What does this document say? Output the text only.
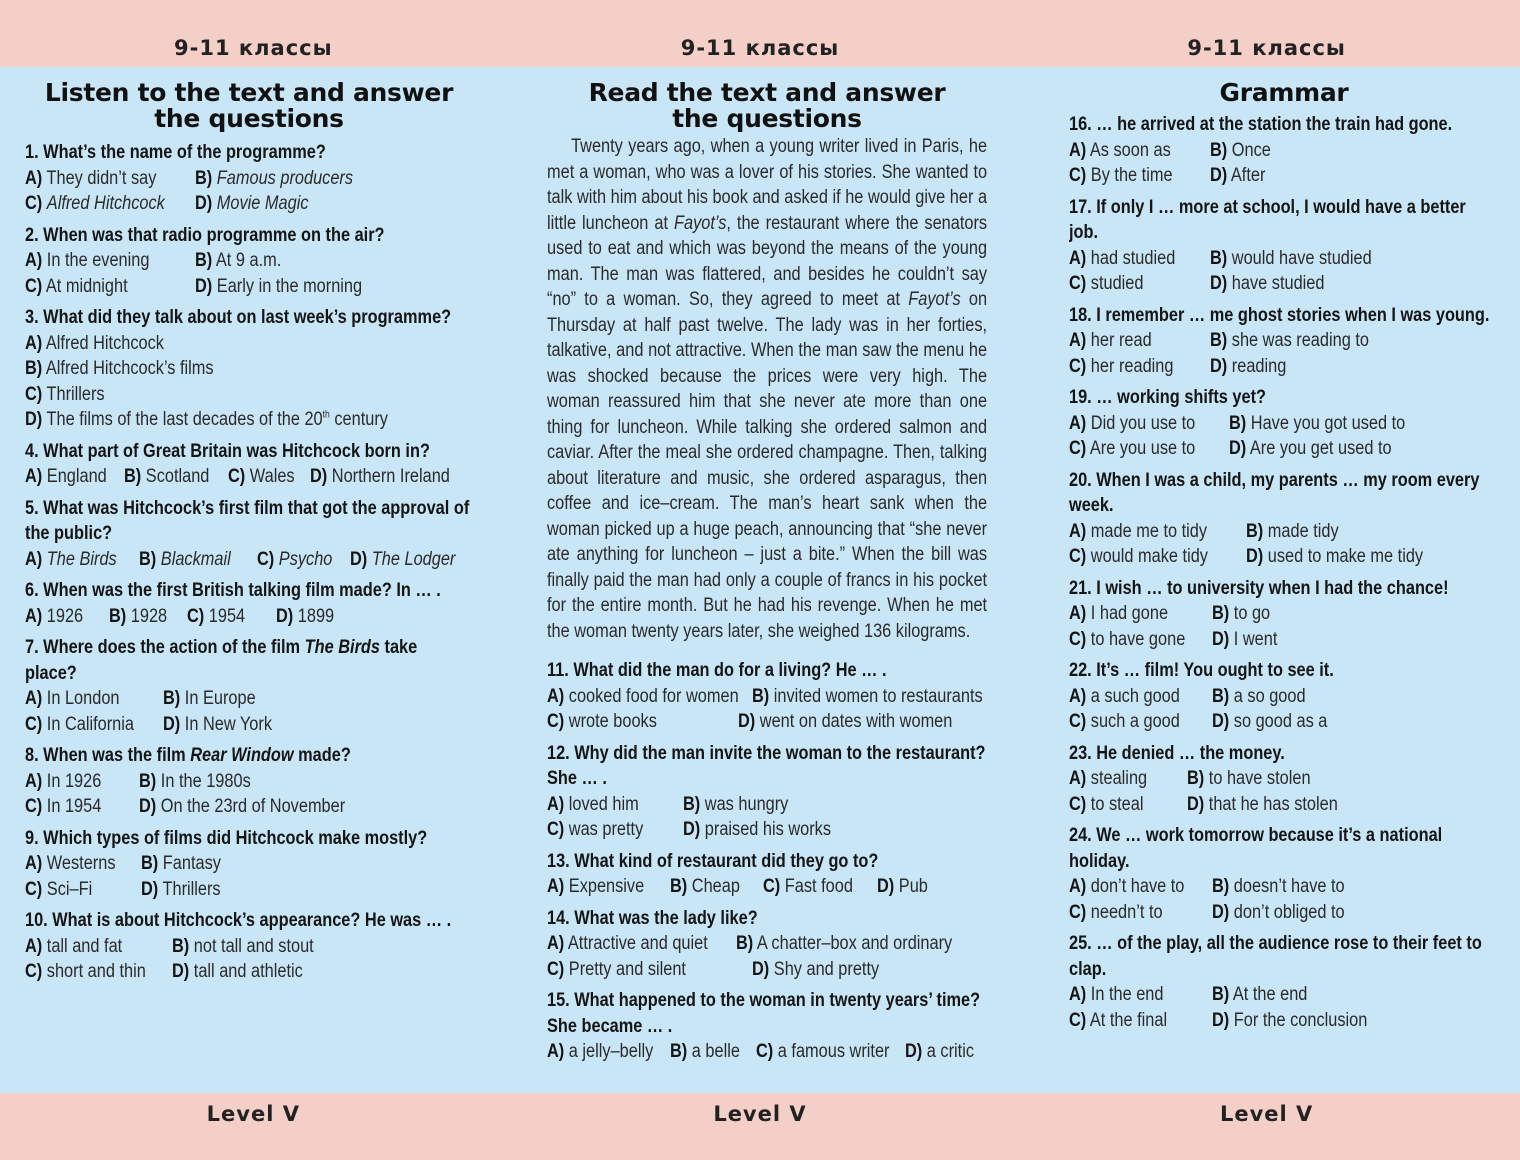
9-11 классы	9-11 классы	9-11 классы
Listen to the text and answer
the questions
1. What’s the name of the programme?
A) They didn’t say	B) Famous producers
C) Alfred Hitchcock	D) Movie Magic
2. When was that radio programme on the air?
A) In the evening	B) At 9 a.m.
C) At midnight	D) Early in the morning
3. What did they talk about on last week’s programme?
A) Alfred Hitchcock
B) Alfred Hitchcock’s films
C) Thrillers
D) The films of the last decades of the 20th century
4. What part of Great Britain was Hitchcock born in?
A) England B) Scotland C) Wales D) Northern Ireland
5. What was Hitchcock’s first film that got the approval of the public?
A) The Birds	B) Blackmail	C) Psycho D) The Lodger
6. When was the first British talking film made? In … .
A) 1926	B) 1928	C) 1954	D) 1899
7. Where does the action of the film The Birds take place?
A) In London	B) In Europe
C) In California	D) In New York
8. When was the film Rear Window made?
A) In 1926	B) In the 1980s
C) In 1954	D) On the 23rd of November
9. Which types of films did Hitchcock make mostly?
A) Westerns	B) Fantasy
C) Sci–Fi	D) Thrillers
10. What is about Hitchcock’s appearance? He was … .
A) tall and fat	B) not tall and stout
C) short and thin D) tall and athletic
Read the text and answer
the questions
Twenty years ago, when a young writer lived in Paris, he met a woman, who was a lover of his stories. She wanted to talk with him about his book and asked if he would give her a little luncheon at Fayot’s, the restaurant where the senators used to eat and which was beyond the means of the young man. The man was flattered, and besides he couldn’t say “no” to a woman. So, they agreed to meet at Fayot’s on Thursday at half past twelve. The lady was in her forties, talkative, and not attractive. When the man saw the menu he was shocked because the prices were very high. The woman reassured him that she never ate more than one thing for luncheon. While talking she ordered salmon and caviar. After the meal she ordered champagne. Then, talking about literature and music, she ordered asparagus, then coffee and ice–cream. The man’s heart sank when the woman picked up a huge peach, announcing that “she never ate anything for luncheon – just a bite.” When the bill was finally paid the man had only a couple of francs in his pocket for the entire month. But he had his revenge. When he met the woman twenty years later, she weighed 136 kilograms.
11. What did the man do for a living? He … .
A) cooked food for women B) invited women to restaurants
C) wrote books	D) went on dates with women
12. Why did the man invite the woman to the restaurant? She … .
A) loved him	B) was hungry
C) was pretty	D) praised his works
13. What kind of restaurant did they go to?
A) Expensive	B) Cheap	C) Fast food	D) Pub
14. What was the lady like?
A) Attractive and quiet B) A chatter–box and ordinary
C) Pretty and silent	D) Shy and pretty
15. What happened to the woman in twenty years’ time? She became … .
A) a jelly–belly B) a belle C) a famous writer D) a critic
Grammar
16. … he arrived at the station the train had gone.
A) As soon as	B) Once
C) By the time	D) After
17. If only I … more at school, I would have a better job.
A) had studied	B) would have studied
C) studied	D) have studied
18. I remember … me ghost stories when I was young.
A) her read	B) she was reading to
C) her reading	D) reading
19. … working shifts yet?
A) Did you use to	B) Have you got used to
C) Are you use to	D) Are you get used to
20. When I was a child, my parents … my room every week.
A) made me to tidy	B) made tidy
C) would make tidy	D) used to make me tidy
21. I wish … to university when I had the chance!
A) I had gone	B) to go
C) to have gone	D) I went
22. It’s … film! You ought to see it.
A) a such good	B) a so good
C) such a good	D) so good as a
23. He denied … the money.
A) stealing	B) to have stolen
C) to steal	D) that he has stolen
24. We … work tomorrow because it’s a national holiday.
A) don’t have to	B) doesn’t have to
C) needn’t to	D) don’t obliged to
25. … of the play, all the audience rose to their feet to clap.
A) In the end	B) At the end
C) At the final	D) For the conclusion
Level V	Level V	Level V
